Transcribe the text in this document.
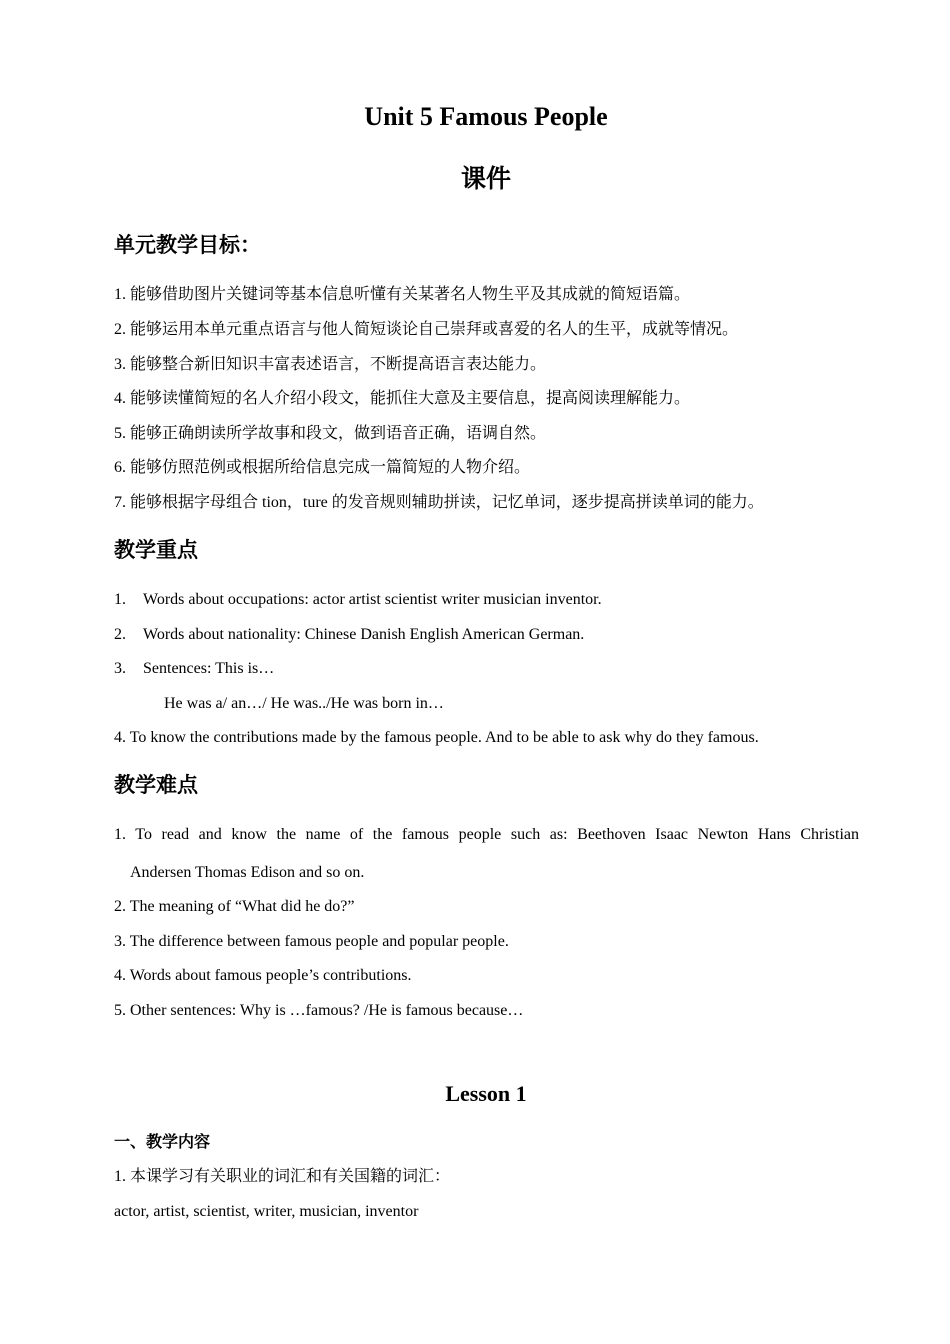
Unit 5 Famous People
课件
单元教学目标：
1. 能够借助图片关键词等基本信息听懂有关某著名人物生平及其成就的简短语篇。
2. 能够运用本单元重点语言与他人简短谈论自己崇拜或喜爱的名人的生平，成就等情况。
3. 能够整合新旧知识丰富表述语言，不断提高语言表达能力。
4. 能够读懂简短的名人介绍小段文，能抓住大意及主要信息，提高阅读理解能力。
5. 能够正确朗读所学故事和段文，做到语音正确，语调自然。
6. 能够仿照范例或根据所给信息完成一篇简短的人物介绍。
7. 能够根据字母组合 tion，ture 的发音规则辅助拼读，记忆单词，逐步提高拼读单词的能力。
教学重点
1. Words about occupations: actor artist scientist writer musician inventor.
2. Words about nationality: Chinese Danish English American German.
3. Sentences: This is…
He was a/ an…/ He was../He was born in…
4. To know the contributions made by the famous people. And to be able to ask why do they famous.
教学难点
1. To read and know the name of the famous people such as: Beethoven Isaac Newton Hans Christian
Andersen Thomas Edison and so on.
2. The meaning of “What did he do?”
3. The difference between famous people and popular people.
4. Words about famous people’s contributions.
5. Other sentences: Why is …famous? /He is famous because…
Lesson 1
一、教学内容
1. 本课学习有关职业的词汇和有关国籍的词汇：
actor, artist, scientist, writer, musician, inventor
